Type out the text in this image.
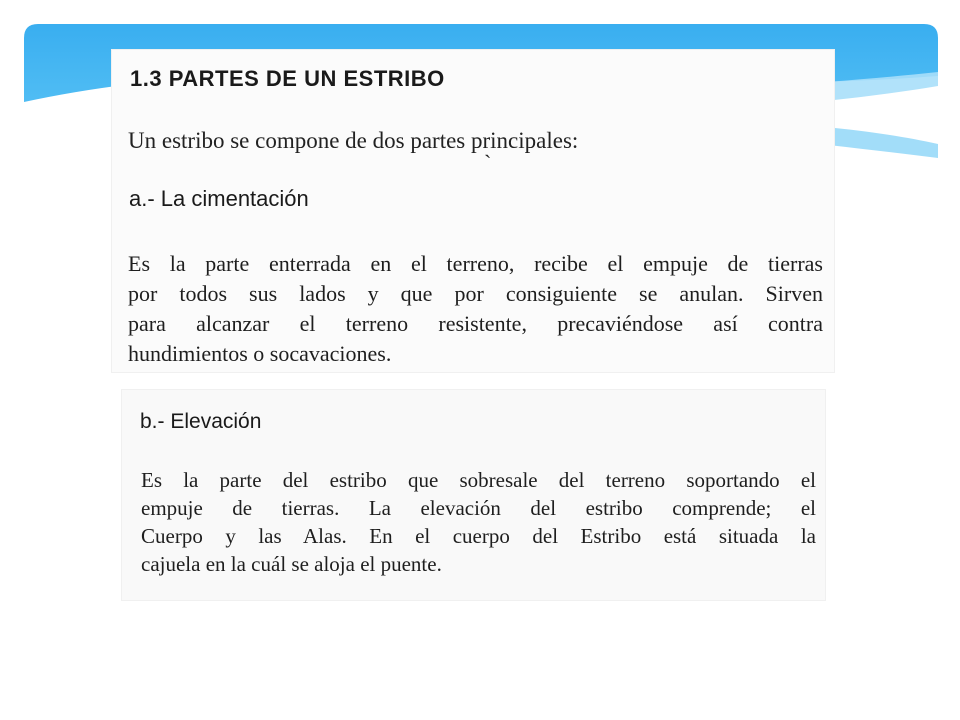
1.3 PARTES DE UN ESTRIBO
Un estribo se compone de dos partes principales:
`
a.- La cimentación
Es la parte enterrada en el terreno, recibe el empuje de tierras
por todos sus lados y que por consiguiente se anulan. Sirven
para alcanzar el terreno resistente, precaviéndose así contra
hundimientos o socavaciones.
b.- Elevación
Es la parte del estribo que sobresale del terreno soportando el
empuje de tierras. La elevación del estribo comprende; el
Cuerpo y las Alas. En el cuerpo del Estribo está situada la
cajuela en la cuál se aloja el puente.
